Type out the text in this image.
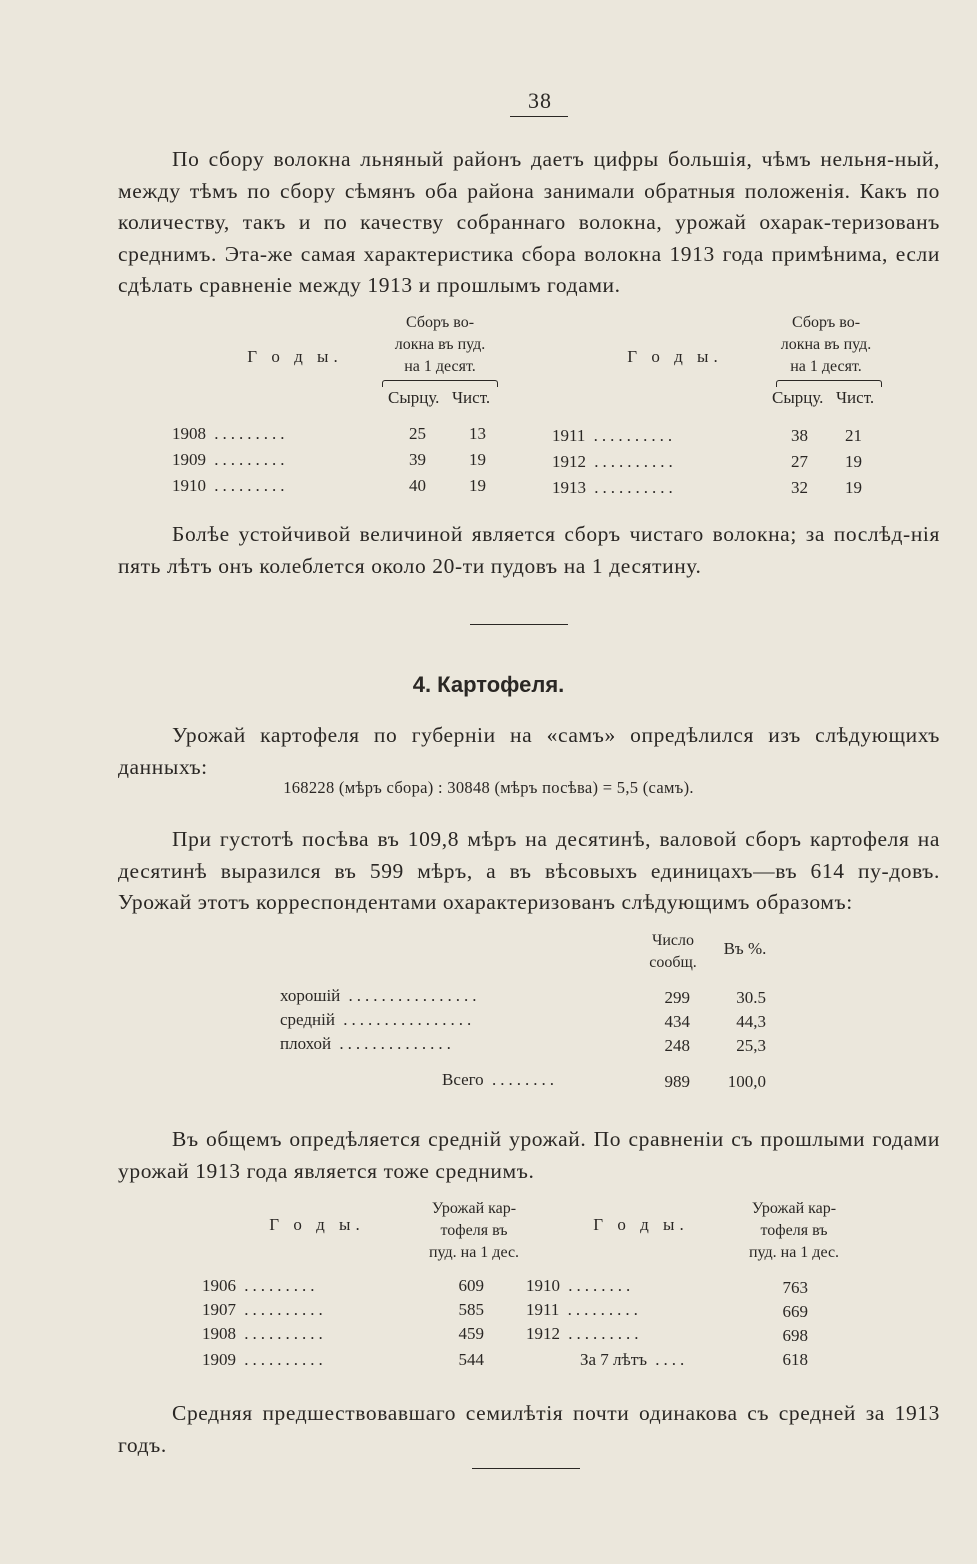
38
По сбору волокна льняный районъ даетъ цифры большія, чѣмъ нельня-ный, между тѣмъ по сбору сѣмянъ оба района занимали обратныя положенія. Какъ по количеству, такъ и по качеству собраннаго волокна, урожай охарак-теризованъ среднимъ. Эта-же самая характеристика сбора волокна 1913 года примѣнима, если сдѣлать сравненіе между 1913 и прошлымъ годами.
Г о д ы.
Сборъ во-
локна въ пуд.
на 1 десят.
Сырцу. Чист.
Г о д ы.
Сборъ во-
локна въ пуд.
на 1 десят.
Сырцу. Чист.
1908 .........	25	13
1909 .........	39	19
1910 .........	40	19
1911 ..........	38	21
1912 ..........	27	19
1913 ..........	32	19
Болѣе устойчивой величиной является сборъ чистаго волокна; за послѣд-нія пять лѣтъ онъ колеблется около 20-ти пудовъ на 1 десятину.
4. Картофеля.
Урожай картофеля по губерніи на «самъ» опредѣлился изъ слѣдующихъ данныхъ:
168228 (мѣръ сбора) : 30848 (мѣръ посѣва) = 5,5 (самъ).
При густотѣ посѣва въ 109,8 мѣръ на десятинѣ, валовой сборъ картофеля на десятинѣ выразился въ 599 мѣръ, а въ вѣсовыхъ единицахъ—въ 614 пу-довъ. Урожай этотъ корреспондентами охарактеризованъ слѣдующимъ образомъ:
Число
сообщ.
Въ %.
хорошій ................	299	30.5
средній ................	434	44,3
плохой ..............	248	25,3
Всего ........	989 100,0
Въ общемъ опредѣляется средній урожай. По сравненіи съ прошлыми годами урожай 1913 года является тоже среднимъ.
Г о д ы.
Урожай кар-
тофеля въ
пуд. на 1 дес.
Г о д ы.
Урожай кар-
тофеля въ
пуд. на 1 дес.
1906 .........	609
1907 ..........	585
1908 ..........	459
1909 ..........	544
1910 ........	763
1911 .........	669
1912 .........	698
За 7 лѣтъ ....	618
Средняя предшествовавшаго семилѣтія почти одинакова съ средней за 1913 годъ.
